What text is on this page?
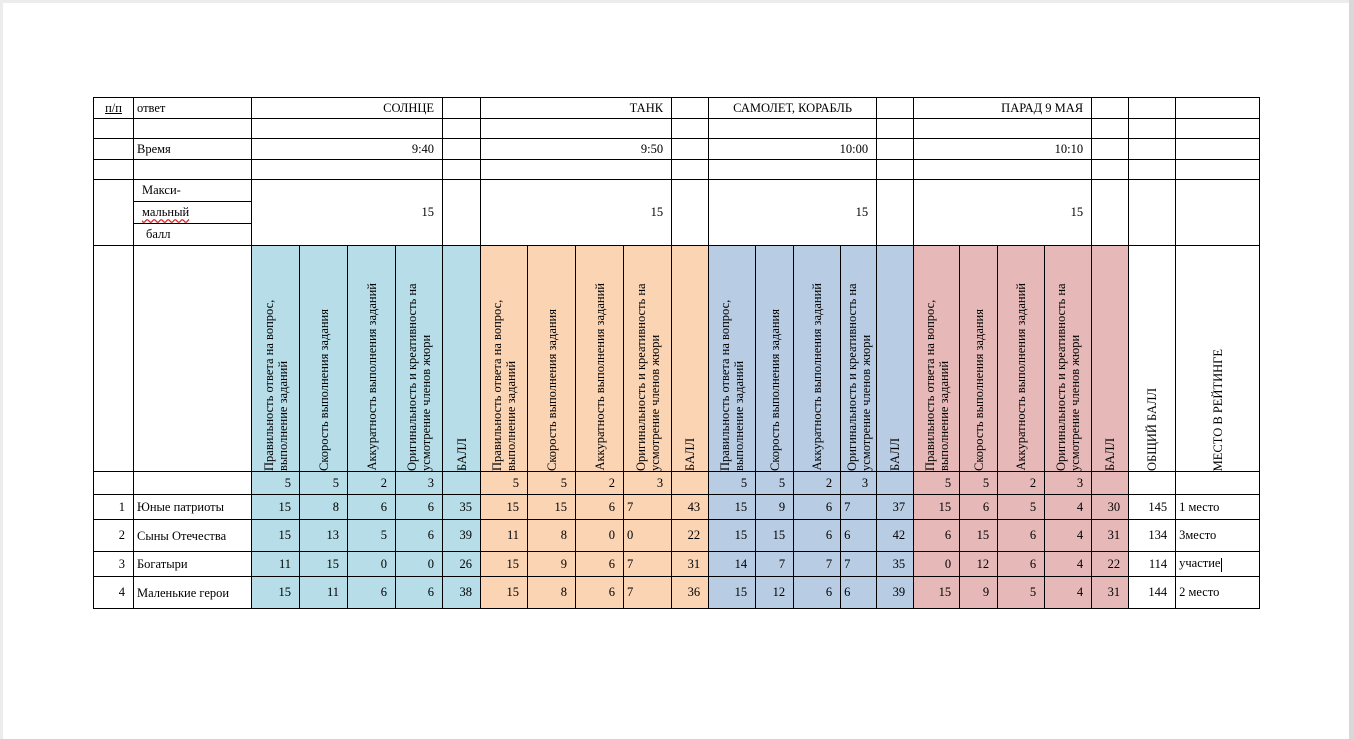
п/п	ответ	СОЛНЦЕ					ТАНК					САМОЛЕТ, КОРАБЛЬ					ПАРАД 9 МАЯ						

	Время	9:40					9:50					10:00					10:10						

	Макси-
мальный
балл	15					15					15					15						

		Правильность ответа на вопрос, выполнение заданий	Скорость выполнения задания	Аккуратность выполнения заданий	Оригинальность и креативность на усмотрение членов жюри	БАЛЛ	Правильность ответа на вопрос, выполнение заданий	Скорость выполнения задания	Аккуратность выполнения заданий	Оригинальность и креативность на усмотрение членов жюри	БАЛЛ	Правильность ответа на вопрос, выполнение заданий	Скорость выполнения задания	Аккуратность выполнения заданий	Оригинальность и креативность на усмотрение членов жюри	БАЛЛ	Правильность ответа на вопрос, выполнение заданий	Скорость выполнения задания	Аккуратность выполнения заданий	Оригинальность и креативность на усмотрение членов жюри	БАЛЛ	ОБЩИЙ БАЛЛ	МЕСТО В РЕЙТИНГЕ

		5	5	2	3		5	5	2	3		5	5	2	3		5	5	2	3			
1	Юные патриоты	15	8	6	6	35	15	15	6	7	43	15	9	6	7	37	15	6	5	4	30	145	1 место
2	Сыны Отечества	15	13	5	6	39	11	8	0	0	22	15	15	6	6	42	6	15	6	4	31	134	3место
3	Богатыри	11	15	0	0	26	15	9	6	7	31	14	7	7	7	35	0	12	6	4	22	114	участие
4	Маленькие герои	15	11	6	6	38	15	8	6	7	36	15	12	6	6	39	15	9	5	4	31	144	2 место
